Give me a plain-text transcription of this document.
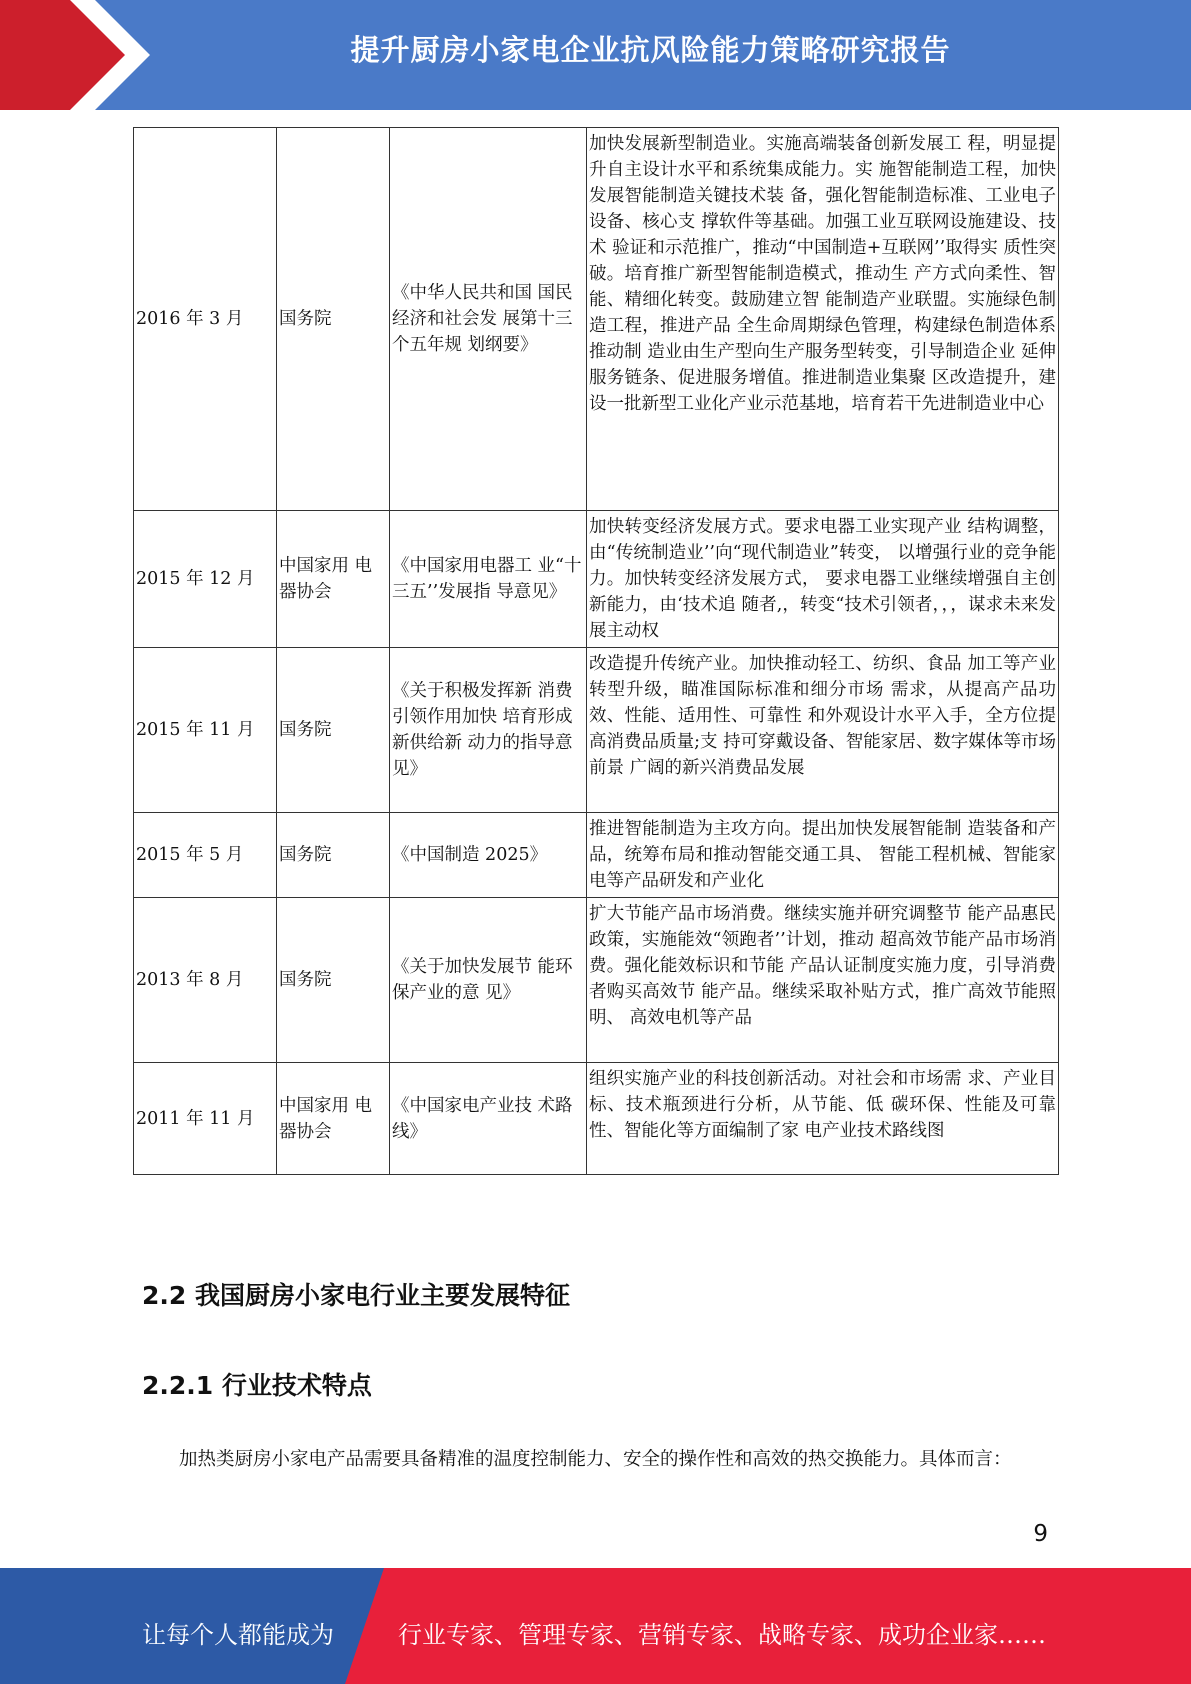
提升厨房小家电企业抗风险能力策略研究报告
2016 年 3 月	国务院	《中华人民共和国 国民经济和社会发 展第十三个五年规 划纲要》	加快发展新型制造业。实施高端装备创新发展工 程，明显提升自主设计水平和系统集成能力。实 施智能制造工程，加快发展智能制造关键技术装 备，强化智能制造标准、工业电子设备、核心支 撑软件等基础。加强工业互联网设施建设、技术 验证和示范推广，推动“中国制造+互联网’’取得实 质性突破。培育推广新型智能制造模式，推动生 产方式向柔性、智能、精细化转变。鼓励建立智 能制造产业联盟。实施绿色制造工程，推进产品 全生命周期绿色管理，构建绿色制造体系推动制 造业由生产型向生产服务型转变，引导制造企业 延伸服务链条、促进服务增值。推进制造业集聚 区改造提升，建设一批新型工业化产业示范基地，培育若干先进制造业中心
2015 年 12 月	中国家用 电器协会	《中国家用电器工 业“十三五’’发展指 导意见》	加快转变经济发展方式。要求电器工业实现产业 结构调整，由“传统制造业’’向“现代制造业”转变， 以增强行业的竞争能力。加快转变经济发展方式， 要求电器工业继续增强自主创新能力，由‘技术追 随者,，转变“技术引领者，，，谋求未来发展主动权
2015 年 11 月	国务院	《关于积极发挥新 消费引领作用加快 培育形成新供给新 动力的指导意见》	改造提升传统产业。加快推动轻工、纺织、食品 加工等产业转型升级，瞄准国际标准和细分市场 需求，从提高产品功效、性能、适用性、可靠性 和外观设计水平入手，全方位提高消费品质量;支 持可穿戴设备、智能家居、数字媒体等市场前景 广阔的新兴消费品发展
2015 年 5 月	国务院	《中国制造 2025》	推进智能制造为主攻方向。提出加快发展智能制 造装备和产品，统筹布局和推动智能交通工具、 智能工程机械、智能家电等产品研发和产业化
2013 年 8 月	国务院	《关于加快发展节 能环保产业的意 见》	扩大节能产品市场消费。继续实施并研究调整节 能产品惠民政策，实施能效“领跑者’’计划，推动 超高效节能产品市场消费。强化能效标识和节能 产品认证制度实施力度，引导消费者购买高效节 能产品。继续采取补贴方式，推广高效节能照明、 高效电机等产品
2011 年 11 月	中国家用 电器协会	《中国家电产业技 术路线》	组织实施产业的科技创新活动。对社会和市场需 求、产业目标、技术瓶颈进行分析，从节能、低 碳环保、性能及可靠性、智能化等方面编制了家 电产业技术路线图
2.2 我国厨房小家电行业主要发展特征
2.2.1 行业技术特点
加热类厨房小家电产品需要具备精准的温度控制能力、安全的操作性和高效的热交换能力。具体而言：
9
让每个人都能成为	行业专家、管理专家、营销专家、战略专家、成功企业家……
